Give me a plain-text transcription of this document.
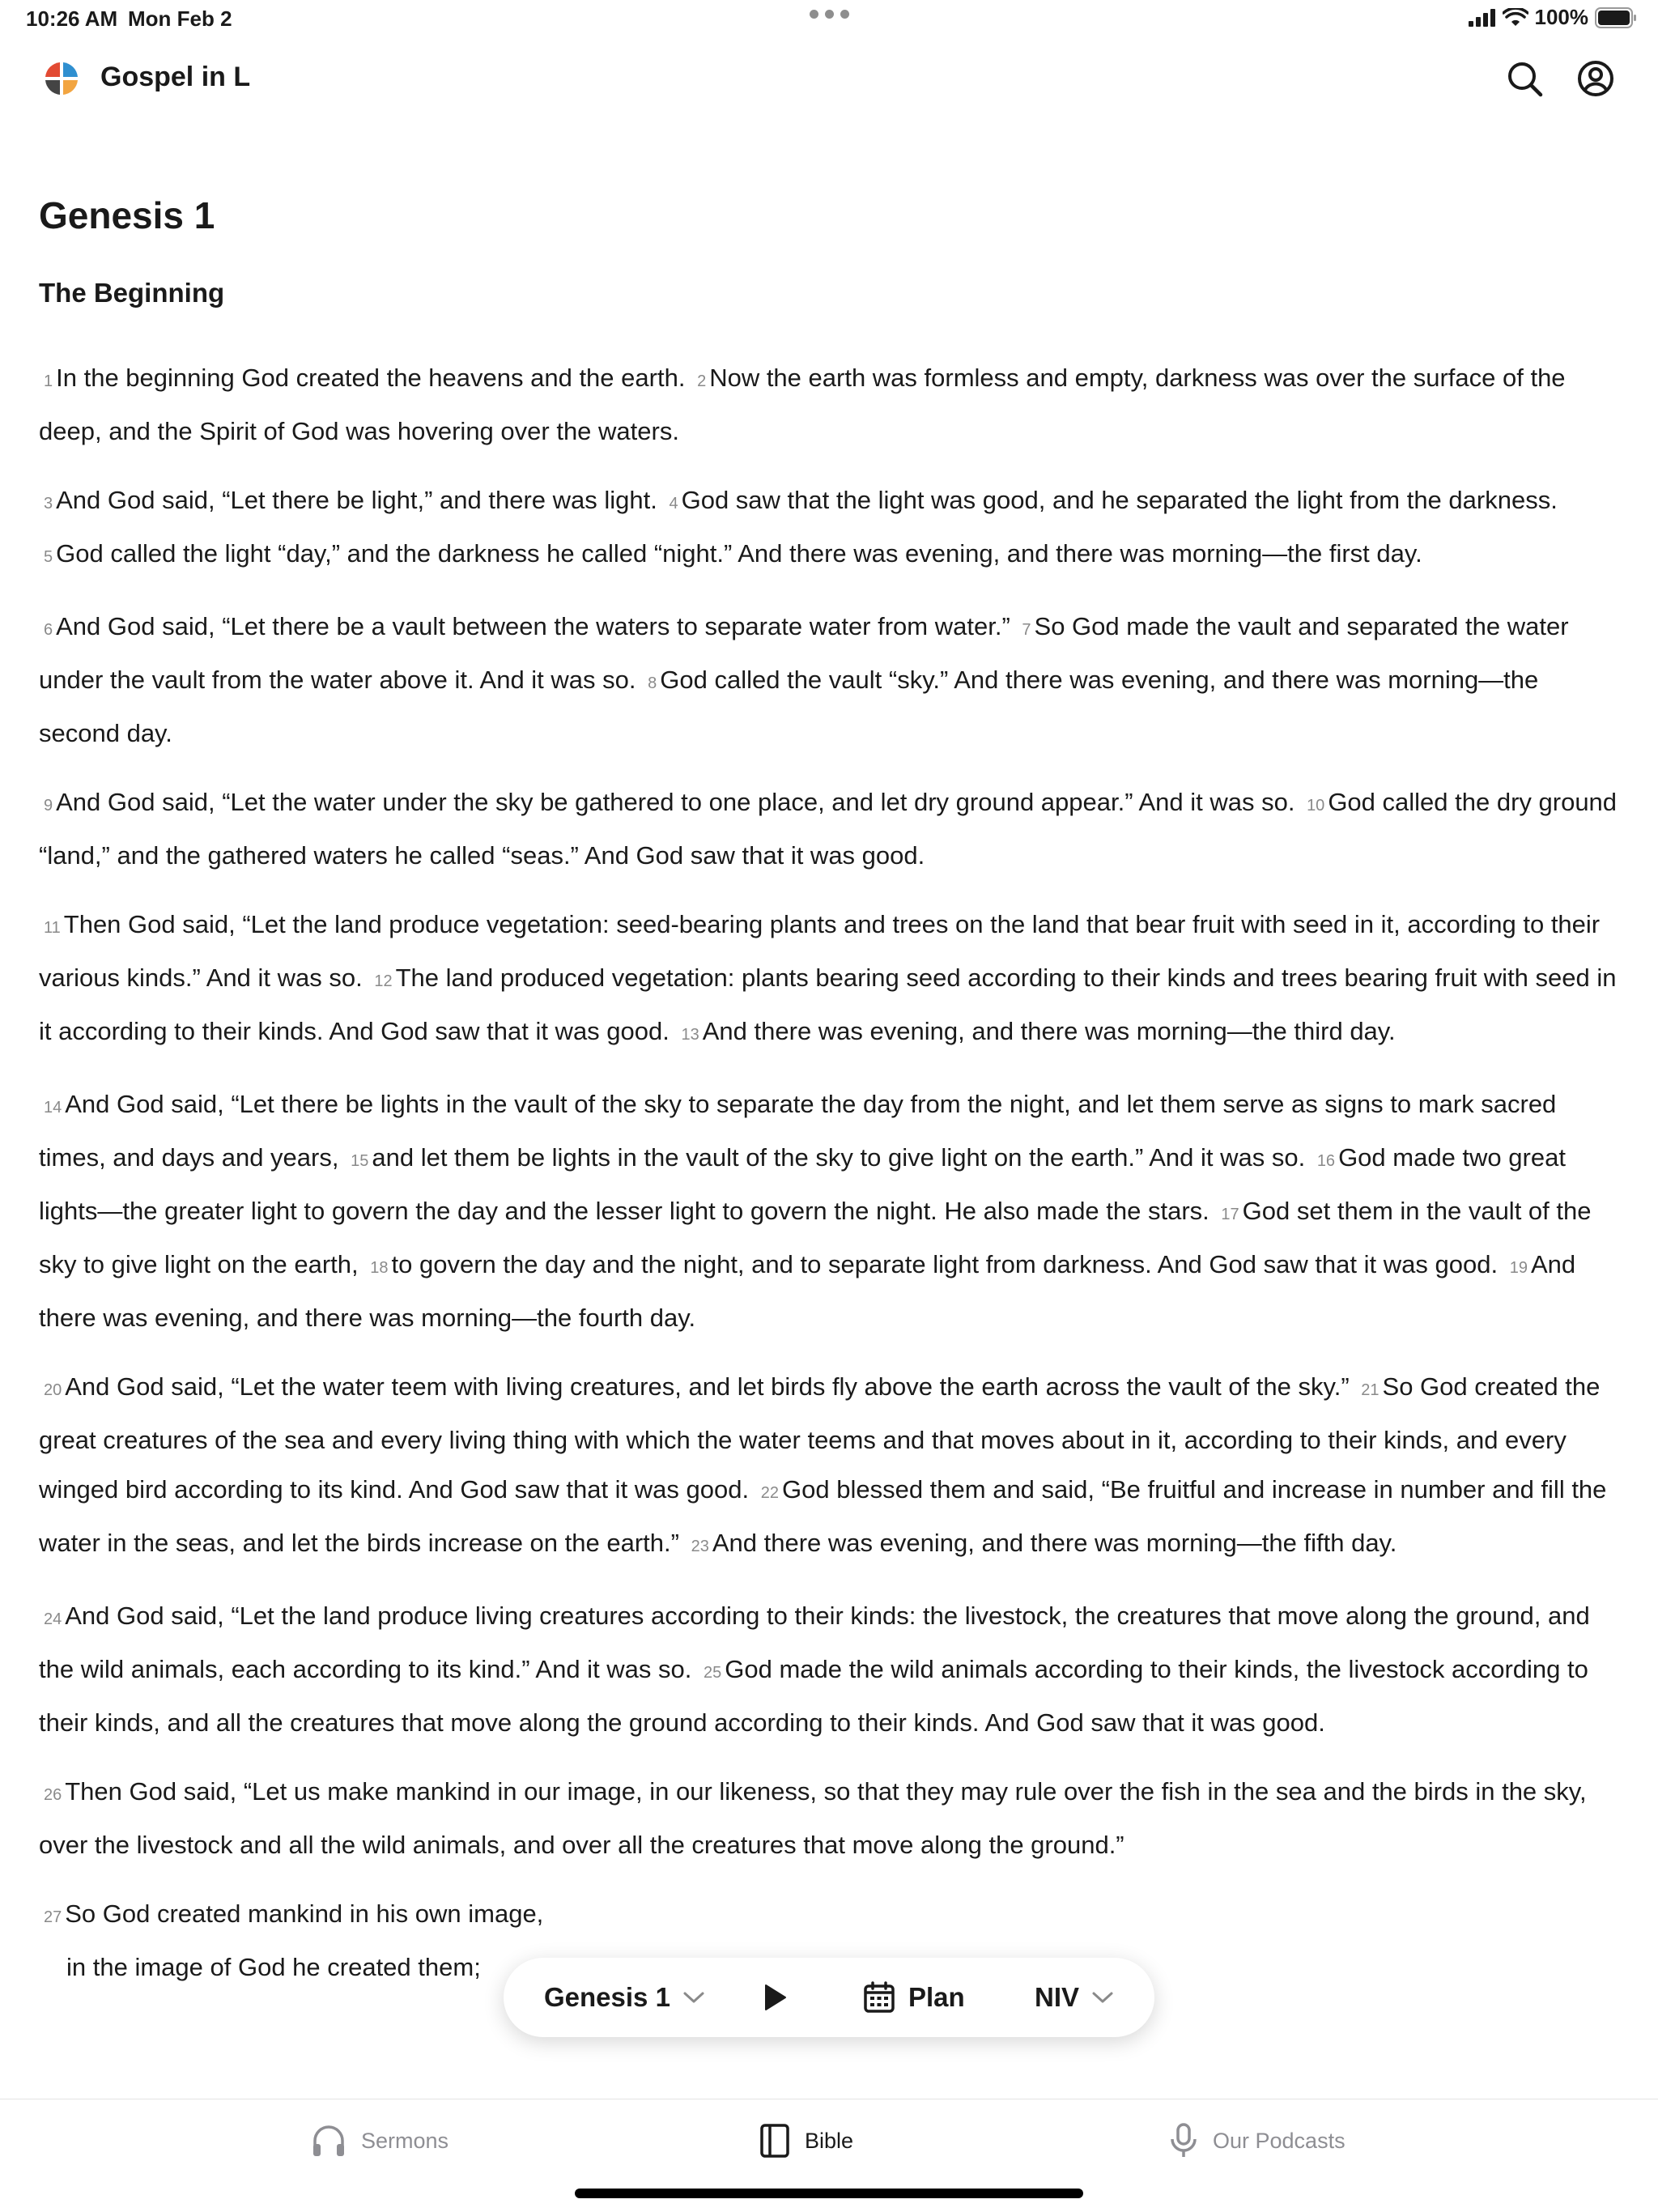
10:26 AM Mon Feb 2	100%
Gospel in L
Genesis 1
The Beginning

1 In the beginning God created the heavens and the earth. 2 Now the earth was formless and empty, darkness was over the surface of the deep, and the Spirit of God was hovering over the waters.

3 And God said, “Let there be light,” and there was light. 4 God saw that the light was good, and he separated the light from the darkness. 5 God called the light “day,” and the darkness he called “night.” And there was evening, and there was morning—the first day.

6 And God said, “Let there be a vault between the waters to separate water from water.” 7 So God made the vault and separated the water under the vault from the water above it. And it was so. 8 God called the vault “sky.” And there was evening, and there was morning—the second day.

9 And God said, “Let the water under the sky be gathered to one place, and let dry ground appear.” And it was so. 10 God called the dry ground “land,” and the gathered waters he called “seas.” And God saw that it was good.

11 Then God said, “Let the land produce vegetation: seed-bearing plants and trees on the land that bear fruit with seed in it, according to their various kinds.” And it was so. 12 The land produced vegetation: plants bearing seed according to their kinds and trees bearing fruit with seed in it according to their kinds. And God saw that it was good. 13 And there was evening, and there was morning—the third day.

14 And God said, “Let there be lights in the vault of the sky to separate the day from the night, and let them serve as signs to mark sacred times, and days and years, 15 and let them be lights in the vault of the sky to give light on the earth.” And it was so. 16 God made two great lights—the greater light to govern the day and the lesser light to govern the night. He also made the stars. 17 God set them in the vault of the sky to give light on the earth, 18 to govern the day and the night, and to separate light from darkness. And God saw that it was good. 19 And there was evening, and there was morning—the fourth day.

20 And God said, “Let the water teem with living creatures, and let birds fly above the earth across the vault of the sky.” 21 So God created the great creatures of the sea and every living thing with which the water teems and that moves about in it, according to their kinds, and every winged bird according to its kind. And God saw that it was good. 22 God blessed them and said, “Be fruitful and increase in number and fill the water in the seas, and let the birds increase on the earth.” 23 And there was evening, and there was morning—the fifth day.

24 And God said, “Let the land produce living creatures according to their kinds: the livestock, the creatures that move along the ground, and the wild animals, each according to its kind.” And it was so. 25 God made the wild animals according to their kinds, the livestock according to their kinds, and all the creatures that move along the ground according to their kinds. And God saw that it was good.

26 Then God said, “Let us make mankind in our image, in our likeness, so that they may rule over the fish in the sea and the birds in the sky, over the livestock and all the wild animals, and over all the creatures that move along the ground.”

27 So God created mankind in his own image,
in the image of God he created them;
Genesis 1	Plan	NIV
Sermons	Bible	Our Podcasts
